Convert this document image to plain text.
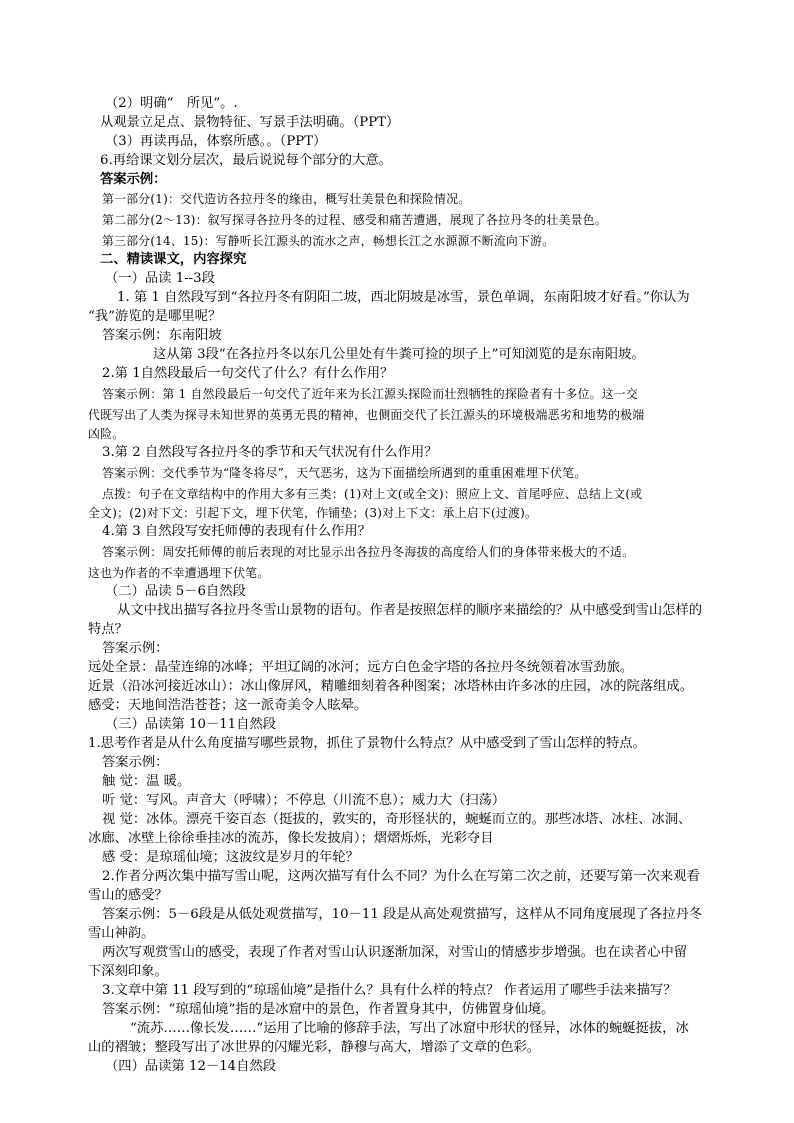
（2）明确“　所见”。.
从观景立足点、景物特征、写景手法明确。（PPT）
（3）再读再品，体察所感。。（PPT）
6.再给课文划分层次，最后说说每个部分的大意。
答案示例：
第一部分(1)：交代造访各拉丹冬的缘由，概写壮美景色和探险情况。
第二部分(2～13)：叙写探寻各拉丹冬的过程、感受和痛苦遭遇，展现了各拉丹冬的壮美景色。
第三部分(14、15)：写静听长江源头的流水之声，畅想长江之水源源不断流向下游。
二、精读课文，内容探究
（一）品读 1--3段
1. 第 1 自然段写到“各拉丹冬有阴阳二坡，西北阴坡是冰雪，景色单调，东南阳坡才好看。”你认为
“我”游览的是哪里呢？
答案示例：东南阳坡
这从第 3段“在各拉丹冬以东几公里处有牛粪可捡的坝子上”可知浏览的是东南阳坡。
2.第 1自然段最后一句交代了什么？有什么作用？
答案示例：第 1 自然段最后一句交代了近年来为长江源头探险而壮烈牺牲的探险者有十多位。这一交
代既写出了人类为探寻未知世界的英勇无畏的精神，也侧面交代了长江源头的环境极端恶劣和地势的极端
凶险。
3.第 2 自然段写各拉丹冬的季节和天气状况有什么作用？
答案示例：交代季节为“隆冬将尽”，天气恶劣，这为下面描绘所遇到的重重困难埋下伏笔。
点拨：句子在文章结构中的作用大多有三类：(1)对上文(或全文)：照应上文、首尾呼应、总结上文(或
全文)；(2)对下文：引起下文，埋下伏笔，作铺垫；(3)对上下文：承上启下(过渡)。
4.第 3 自然段写安托师傅的表现有什么作用？
答案示例：周安托师傅的前后表现的对比显示出各拉丹冬海拔的高度给人们的身体带来极大的不适。
这也为作者的不幸遭遇埋下伏笔。
（二）品读 5－6自然段
从文中找出描写各拉丹冬雪山景物的语句。作者是按照怎样的顺序来描绘的？从中感受到雪山怎样的
特点？
答案示例：
远处全景：晶莹连绵的冰峰；平坦辽阔的冰河；远方白色金字塔的各拉丹冬统领着冰雪劲旅。
近景（沿冰河接近冰山）：冰山像屏风，精雕细刻着各种图案；冰塔林由许多冰的庄园，冰的院落组成。
感受：天地间浩浩苍苍；这一派奇美令人眩晕。
（三）品读第 10－11自然段
1.思考作者是从什么角度描写哪些景物，抓住了景物什么特点？从中感受到了雪山怎样的特点。
答案示例：
触 觉：温 暖。
听 觉：写风。声音大（呼啸）；不停息（川流不息）；威力大（扫荡）
视 觉：冰体。漂亮千姿百态（挺拔的，敦实的，奇形怪状的，蜿蜒而立的。那些冰塔、冰柱、冰洞、
冰廊、冰壁上徐徐垂挂冰的流苏，像长发披肩）；熠熠烁烁，光彩夺目
感 受：是琼瑶仙境；这波纹是岁月的年轮？
2.作者分两次集中描写雪山呢，这两次描写有什么不同？为什么在写第二次之前，还要写第一次来观看
雪山的感受？
答案示例：5－6段是从低处观赏描写，10－11 段是从高处观赏描写，这样从不同角度展现了各拉丹冬
雪山神韵。
两次写观赏雪山的感受，表现了作者对雪山认识逐渐加深，对雪山的情感步步增强。也在读者心中留
下深刻印象。
3.文章中第 11 段写到的“琼瑶仙境”是指什么？具有什么样的特点？ 作者运用了哪些手法来描写？
答案示例：“琼瑶仙境”指的是冰窟中的景色，作者置身其中，仿佛置身仙境。
“流苏……像长发……”运用了比喻的修辞手法，写出了冰窟中形状的怪异，冰体的蜿蜒挺拔，冰
山的褶皱；整段写出了冰世界的闪耀光彩，静穆与高大，增添了文章的色彩。
（四）品读第 12－14自然段
